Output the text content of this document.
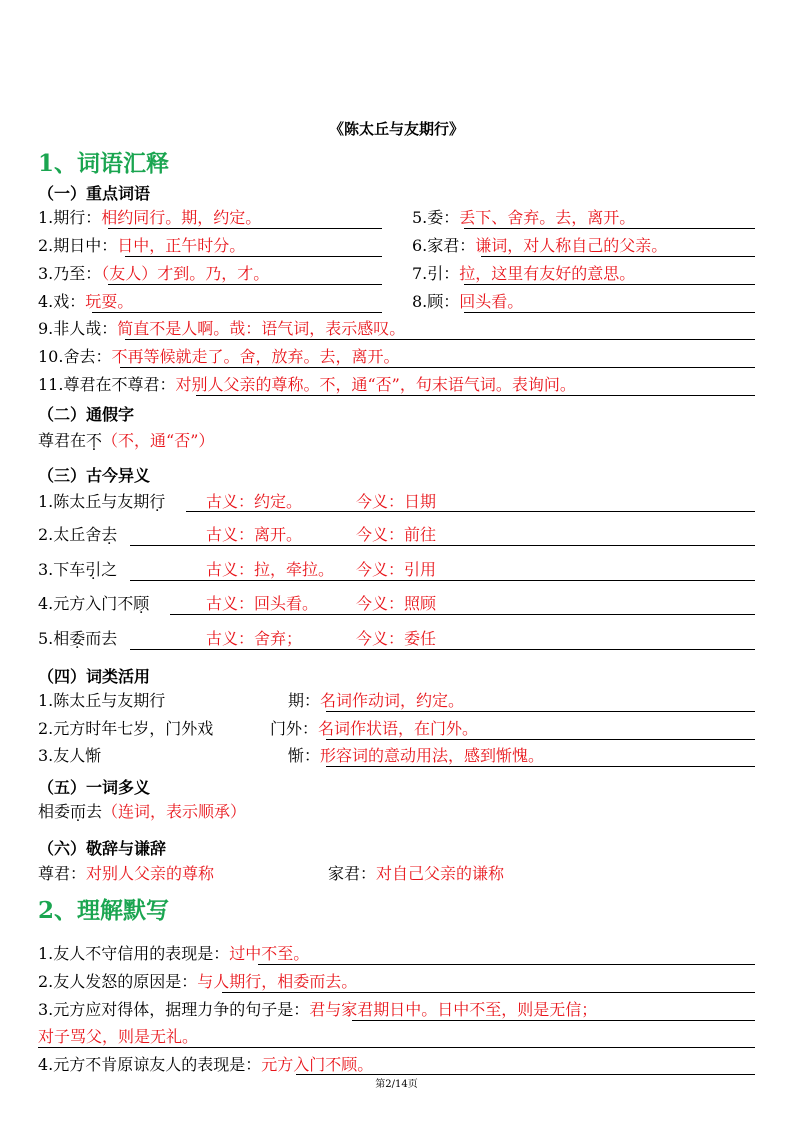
《陈太丘与友期行》
1、词语汇释
（一）重点词语
1.期行：相约同行。期，约定。
2.期日中：日中，正午时分。
3.乃至：（友人）才到。乃，才。
4.戏：玩耍。
5.委：丢下、舍弃。去，离开。
6.家君：谦词，对人称自己的父亲。
7.引：拉，这里有友好的意思。
8.顾：回头看。
9.非人哉：简直不是人啊。哉：语气词，表示感叹。
10.舍去：不再等候就走了。舍，放弃。去，离开。
11.尊君在不尊君：对别人父亲的尊称。不，通“否”，句末语气词。表询问。
（二）通假字
尊君在不（不，通“否”）
（三）古今异义
1.陈太丘与友期行	古义：约定。	今义：日期
2.太丘舍去	古义：离开。	今义：前往
3.下车引之	古义：拉，牵拉。 今义：引用
4.元方入门不顾	古义：回头看。 今义：照顾
5.相委而去	古义：舍弃；	今义：委任
（四）词类活用
1.陈太丘与友期行	期：名词作动词，约定。
2.元方时年七岁，门外戏	门外：名词作状语，在门外。
3.友人惭	惭：形容词的意动用法，感到惭愧。
（五）一词多义
相委而去（连词，表示顺承）
（六）敬辞与谦辞
尊君：对别人父亲的尊称	家君：对自己父亲的谦称
2、理解默写
1.友人不守信用的表现是：过中不至。
2.友人发怒的原因是：与人期行，相委而去。
3.元方应对得体，据理力争的句子是：君与家君期日中。日中不至，则是无信；
对子骂父，则是无礼。
4.元方不肯原谅友人的表现是：元方入门不顾。
第2/14页
